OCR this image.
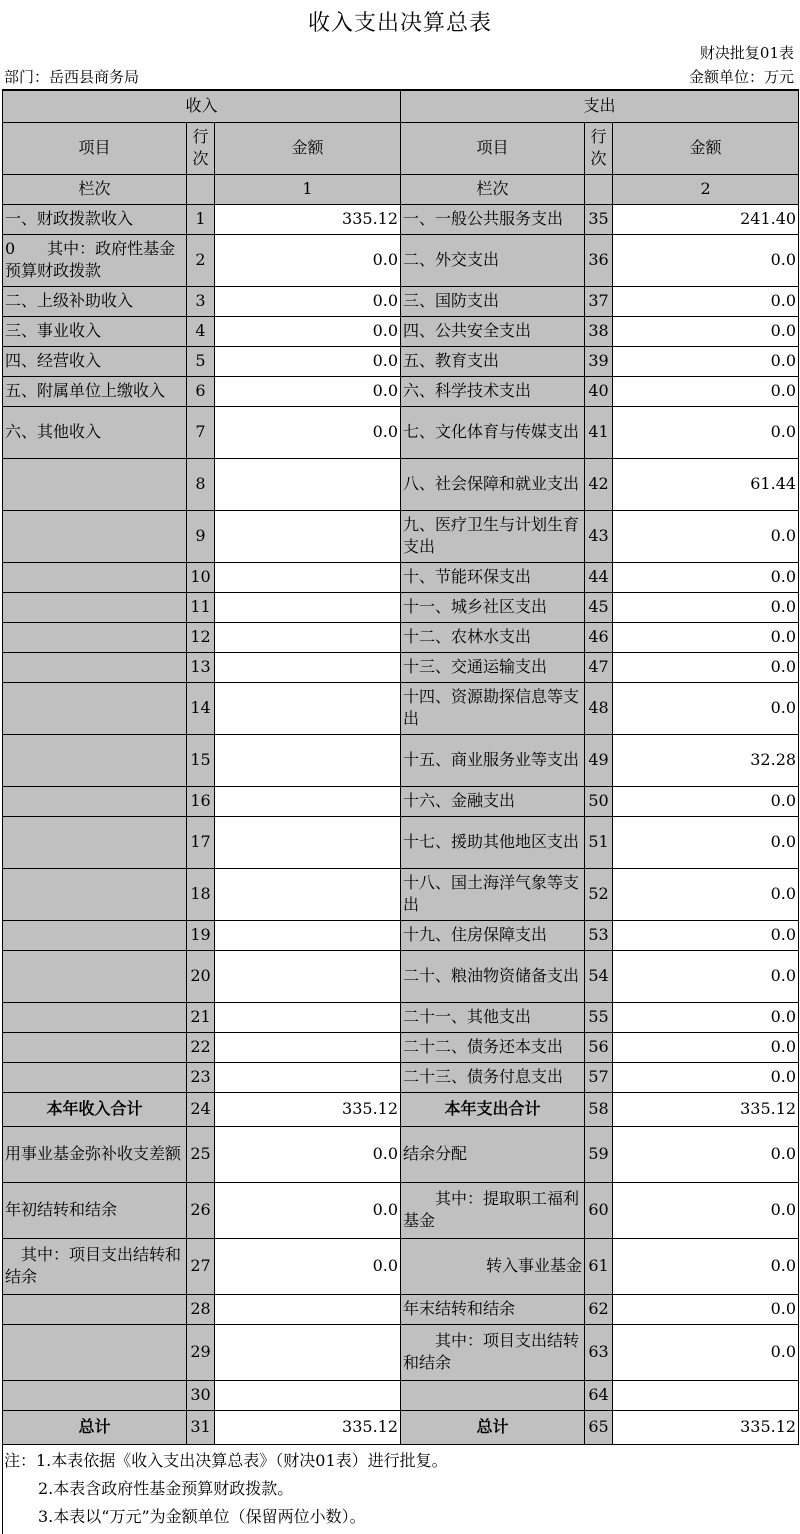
收入支出决算总表
财决批复01表
部门：岳西县商务局	金额单位：万元
收入			支出		
项目	行次	金额	项目	行次	金额
栏次		1	栏次		2
一、财政拨款收入	1	335.12	一、一般公共服务支出	35	241.40
0　　其中：政府性基金预算财政拨款	2	0.0	二、外交支出	36	0.0
二、上级补助收入	3	0.0	三、国防支出	37	0.0
三、事业收入	4	0.0	四、公共安全支出	38	0.0
四、经营收入	5	0.0	五、教育支出	39	0.0
五、附属单位上缴收入	6	0.0	六、科学技术支出	40	0.0
六、其他收入	7	0.0	七、文化体育与传媒支出	41	0.0
	8		八、社会保障和就业支出	42	61.44
	9		九、医疗卫生与计划生育支出	43	0.0
	10		十、节能环保支出	44	0.0
	11		十一、城乡社区支出	45	0.0
	12		十二、农林水支出	46	0.0
	13		十三、交通运输支出	47	0.0
	14		十四、资源勘探信息等支出	48	0.0
	15		十五、商业服务业等支出	49	32.28
	16		十六、金融支出	50	0.0
	17		十七、援助其他地区支出	51	0.0
	18		十八、国土海洋气象等支出	52	0.0
	19		十九、住房保障支出	53	0.0
	20		二十、粮油物资储备支出	54	0.0
	21		二十一、其他支出	55	0.0
	22		二十二、债务还本支出	56	0.0
	23		二十三、债务付息支出	57	0.0
本年收入合计	24	335.12	本年支出合计	58	335.12
用事业基金弥补收支差额	25	0.0	结余分配	59	0.0
年初结转和结余	26	0.0	　　其中：提取职工福利基金	60	0.0
　其中：项目支出结转和结余	27	0.0	转入事业基金	61	0.0
	28		年末结转和结余	62	0.0
	29		　　其中：项目支出结转和结余	63	0.0
	30			64	
总计	31	335.12	总计	65	335.12
注：1.本表依据《收入支出决算总表》（财决01表）进行批复。
2.本表含政府性基金预算财政拨款。
3.本表以“万元”为金额单位（保留两位小数）。
